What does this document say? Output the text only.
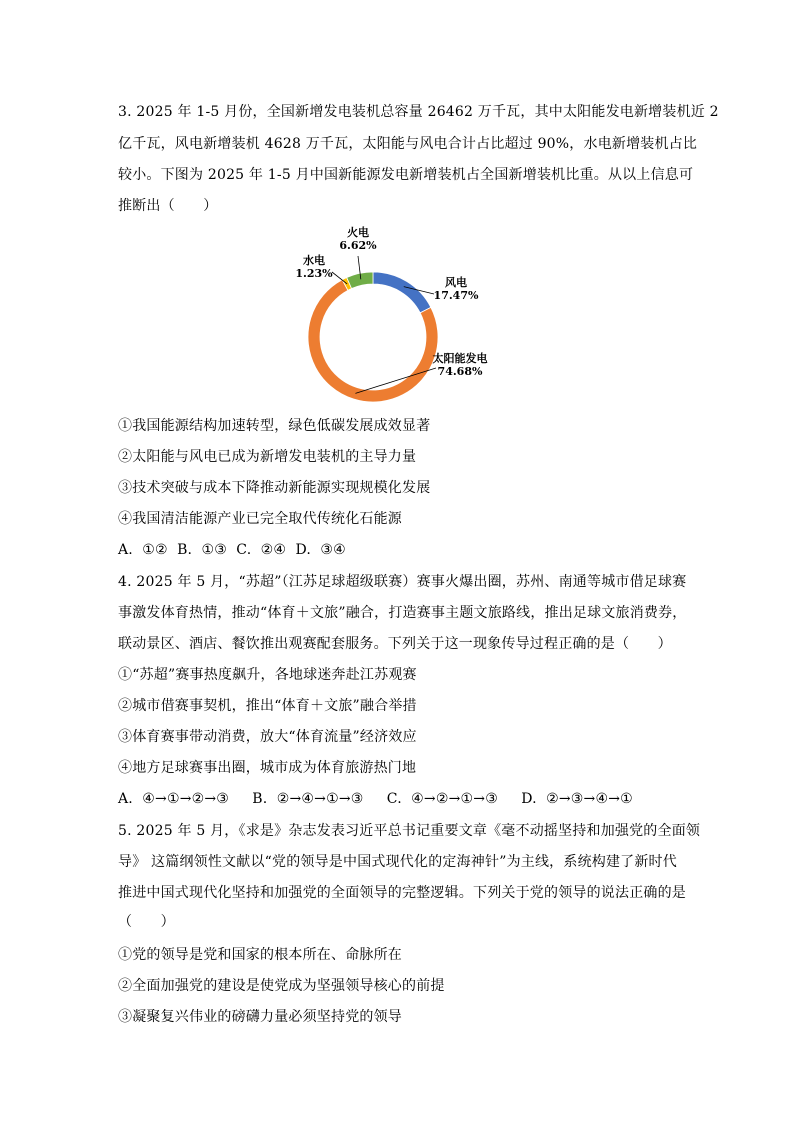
3. 2025 年 1-5 月份，全国新增发电装机总容量 26462 万千瓦，其中太阳能发电新增装机近 2
亿千瓦，风电新增装机 4628 万千瓦，太阳能与风电合计占比超过 90%，水电新增装机占比
较小。下图为 2025 年 1-5 月中国新能源发电新增装机占全国新增装机比重。从以上信息可
推断出（　　）
风电
17.47%
太阳能发电
74.68%
水电
1.23%
火电
6.62%
①我国能源结构加速转型，绿色低碳发展成效显著
②太阳能与风电已成为新增发电装机的主导力量
③技术突破与成本下降推动新能源实现规模化发展
④我国清洁能源产业已完全取代传统化石能源
A.  ①②  B.  ①③  C.  ②④  D.  ③④
4. 2025 年 5 月，“苏超”（江苏足球超级联赛）赛事火爆出圈，苏州、南通等城市借足球赛
事激发体育热情，推动“体育＋文旅”融合，打造赛事主题文旅路线，推出足球文旅消费券，
联动景区、酒店、餐饮推出观赛配套服务。下列关于这一现象传导过程正确的是（　　）
①“苏超”赛事热度飙升，各地球迷奔赴江苏观赛
②城市借赛事契机，推出“体育＋文旅”融合举措
③体育赛事带动消费，放大“体育流量”经济效应
④地方足球赛事出圈，城市成为体育旅游热门地
A.  ④→①→②→③     B.  ②→④→①→③     C.  ④→②→①→③     D.  ②→③→④→①
5. 2025 年 5 月，《求是》杂志发表习近平总书记重要文章《毫不动摇坚持和加强党的全面领
导》 这篇纲领性文献以“党的领导是中国式现代化的定海神针”为主线，系统构建了新时代
推进中国式现代化坚持和加强党的全面领导的完整逻辑。下列关于党的领导的说法正确的是
（　　）
①党的领导是党和国家的根本所在、命脉所在
②全面加强党的建设是使党成为坚强领导核心的前提
③凝聚复兴伟业的磅礴力量必须坚持党的领导
